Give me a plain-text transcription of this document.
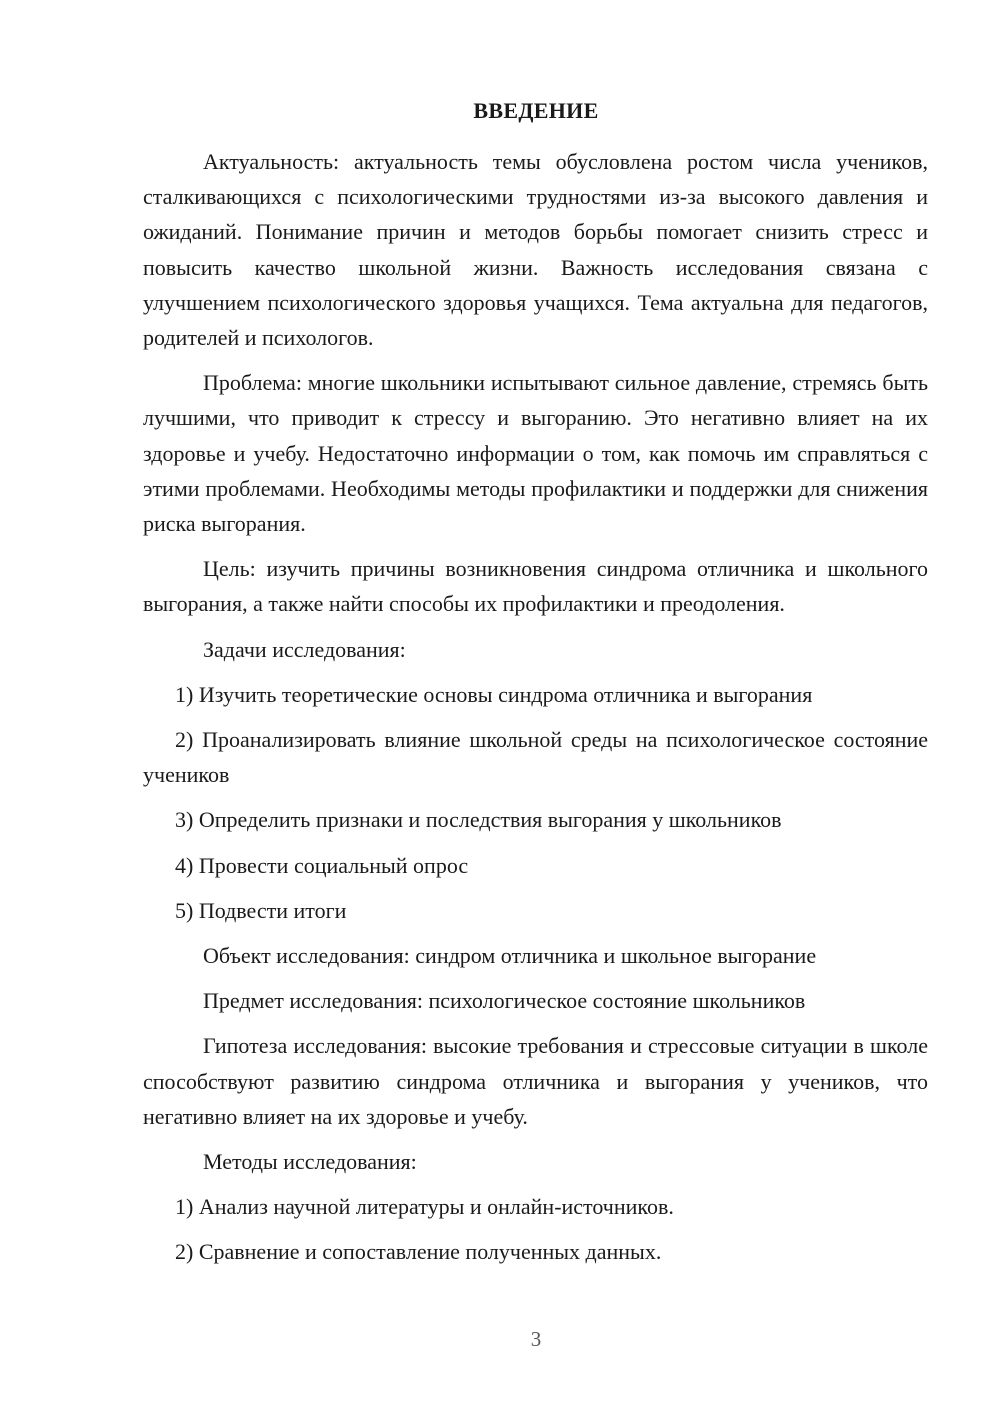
ВВЕДЕНИЕ

Актуальность: актуальность темы обусловлена ростом числа учеников, сталкивающихся с психологическими трудностями из-за высокого давления и ожиданий. Понимание причин и методов борьбы помогает снизить стресс и повысить качество школьной жизни. Важность исследования связана с улучшением психологического здоровья учащихся. Тема актуальна для педагогов, родителей и психологов.

Проблема: многие школьники испытывают сильное давление, стремясь быть лучшими, что приводит к стрессу и выгоранию. Это негативно влияет на их здоровье и учебу. Недостаточно информации о том, как помочь им справляться с этими проблемами. Необходимы методы профилактики и поддержки для снижения риска выгорания.

Цель: изучить причины возникновения синдрома отличника и школьного выгорания, а также найти способы их профилактики и преодоления.

Задачи исследования:

1) Изучить теоретические основы синдрома отличника и выгорания

2) Проанализировать влияние школьной среды на психологическое состояние учеников

3) Определить признаки и последствия выгорания у школьников

4) Провести социальный опрос

5) Подвести итоги

Объект исследования: синдром отличника и школьное выгорание

Предмет исследования: психологическое состояние школьников

Гипотеза исследования: высокие требования и стрессовые ситуации в школе способствуют развитию синдрома отличника и выгорания у учеников, что негативно влияет на их здоровье и учебу.

Методы исследования:

1) Анализ научной литературы и онлайн-источников.

2) Сравнение и сопоставление полученных данных.

3
